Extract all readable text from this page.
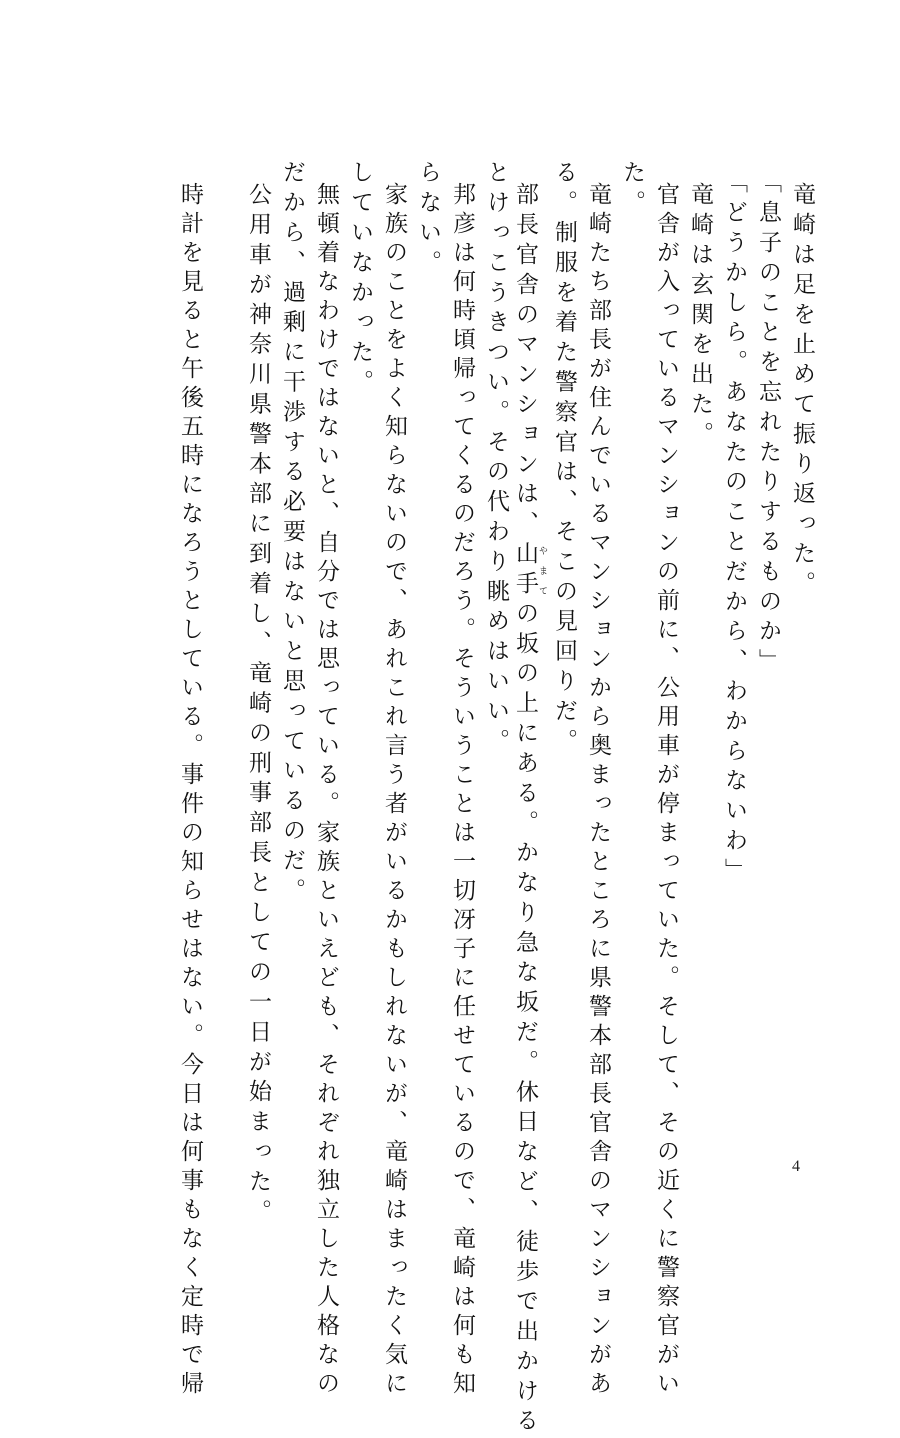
竜崎は足を止めて振り返った。
「息子のことを忘れたりするものか」
「どうかしら。あなたのことだから、わからないわ」
竜崎は玄関を出た。
官舎が入っているマンションの前に、公用車が停まっていた。そして、その近くに警察官がい
た。
竜崎たち部長が住んでいるマンションから奥まったところに県警本部長官舎のマンションがあ
る。制服を着た警察官は、そこの見回りだ。
部長官舎のマンションは、山手 やまての坂の上にある。かなり急な坂だ。休日など、徒歩で出かける
とけっこうきつい。その代わり眺めはいい。
邦彦は何時頃帰ってくるのだろう。そういうことは一切冴子に任せているので、竜崎は何も知
らない。
家族のことをよく知らないので、あれこれ言う者がいるかもしれないが、竜崎はまったく気に
していなかった。
無頓着なわけではないと、自分では思っている。家族といえども、それぞれ独立した人格なの
だから、過剰に干渉する必要はないと思っているのだ。
公用車が神奈川県警本部に到着し、竜崎の刑事部長としての一日が始まった。
時計を見ると午後五時になろうとしている。事件の知らせはない。今日は何事もなく定時で帰	4
